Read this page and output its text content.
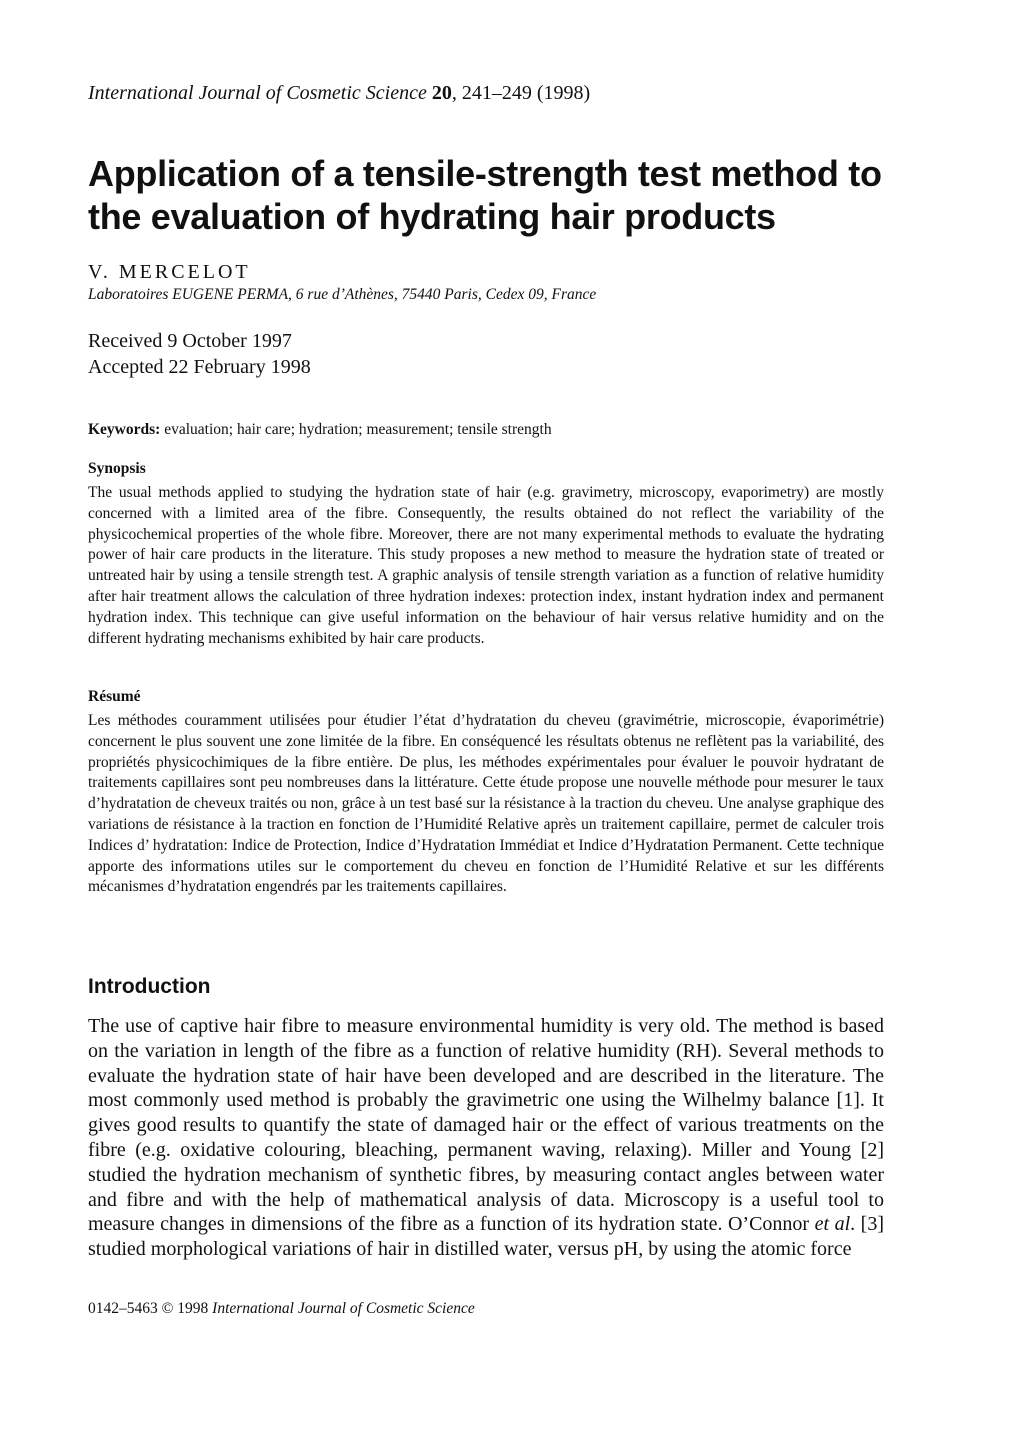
International Journal of Cosmetic Science 20, 241–249 (1998)
Application of a tensile-strength test method to
the evaluation of hydrating hair products
V. MERCELOT
Laboratoires EUGENE PERMA, 6 rue d’Athènes, 75440 Paris, Cedex 09, France
Received 9 October 1997
Accepted 22 February 1998
Keywords: evaluation; hair care; hydration; measurement; tensile strength
Synopsis

The usual methods applied to studying the hydration state of hair (e.g. gravimetry, microscopy, evaporimetry) are mostly concerned with a limited area of the fibre. Consequently, the results obtained do not reflect the variability of the physicochemical properties of the whole fibre. Moreover, there are not many experimental methods to evaluate the hydrating power of hair care products in the literature. This study proposes a new method to measure the hydration state of treated or untreated hair by using a tensile strength test. A graphic analysis of tensile strength variation as a function of relative humidity after hair treatment allows the calculation of three hydration indexes: protection index, instant hydration index and permanent hydration index. This technique can give useful information on the behaviour of hair versus relative humidity and on the different hydrating mechanisms exhibited by hair care products.

Résumé

Les méthodes couramment utilisées pour étudier l’état d’hydratation du cheveu (gravimétrie, microscopie, évaporimétrie) concernent le plus souvent une zone limitée de la fibre. En conséquencé les résultats obtenus ne reflètent pas la variabilité, des propriétés physicochimiques de la fibre entière. De plus, les méthodes expérimentales pour évaluer le pouvoir hydratant de traitements capillaires sont peu nombreuses dans la littérature. Cette étude propose une nouvelle méthode pour mesurer le taux d’hydratation de cheveux traités ou non, grâce à un test basé sur la résistance à la traction du cheveu. Une analyse graphique des variations de résistance à la traction en fonction de l’Humidité Relative après un traitement capillaire, permet de calculer trois Indices d’ hydratation: Indice de Protection, Indice d’Hydratation Immédiat et Indice d’Hydratation Permanent. Cette technique apporte des informations utiles sur le comportement du cheveu en fonction de l’Humidité Relative et sur les différents mécanismes d’hydratation engendrés par les traitements capillaires.

Introduction

The use of captive hair fibre to measure environmental humidity is very old. The method is based on the variation in length of the fibre as a function of relative humidity (RH). Several methods to evaluate the hydration state of hair have been developed and are described in the literature. The most commonly used method is probably the gravimetric one using the Wilhelmy balance [1]. It gives good results to quantify the state of damaged hair or the effect of various treatments on the fibre (e.g. oxidative colouring, bleaching, permanent waving, relaxing). Miller and Young [2] studied the hydration mechanism of synthetic fibres, by measuring contact angles between water and fibre and with the help of mathematical analysis of data. Microscopy is a useful tool to measure changes in dimensions of the fibre as a function of its hydration state. O’Connor et al. [3] studied morphological variations of hair in distilled water, versus pH, by using the atomic force

0142–5463 © 1998 International Journal of Cosmetic Science
